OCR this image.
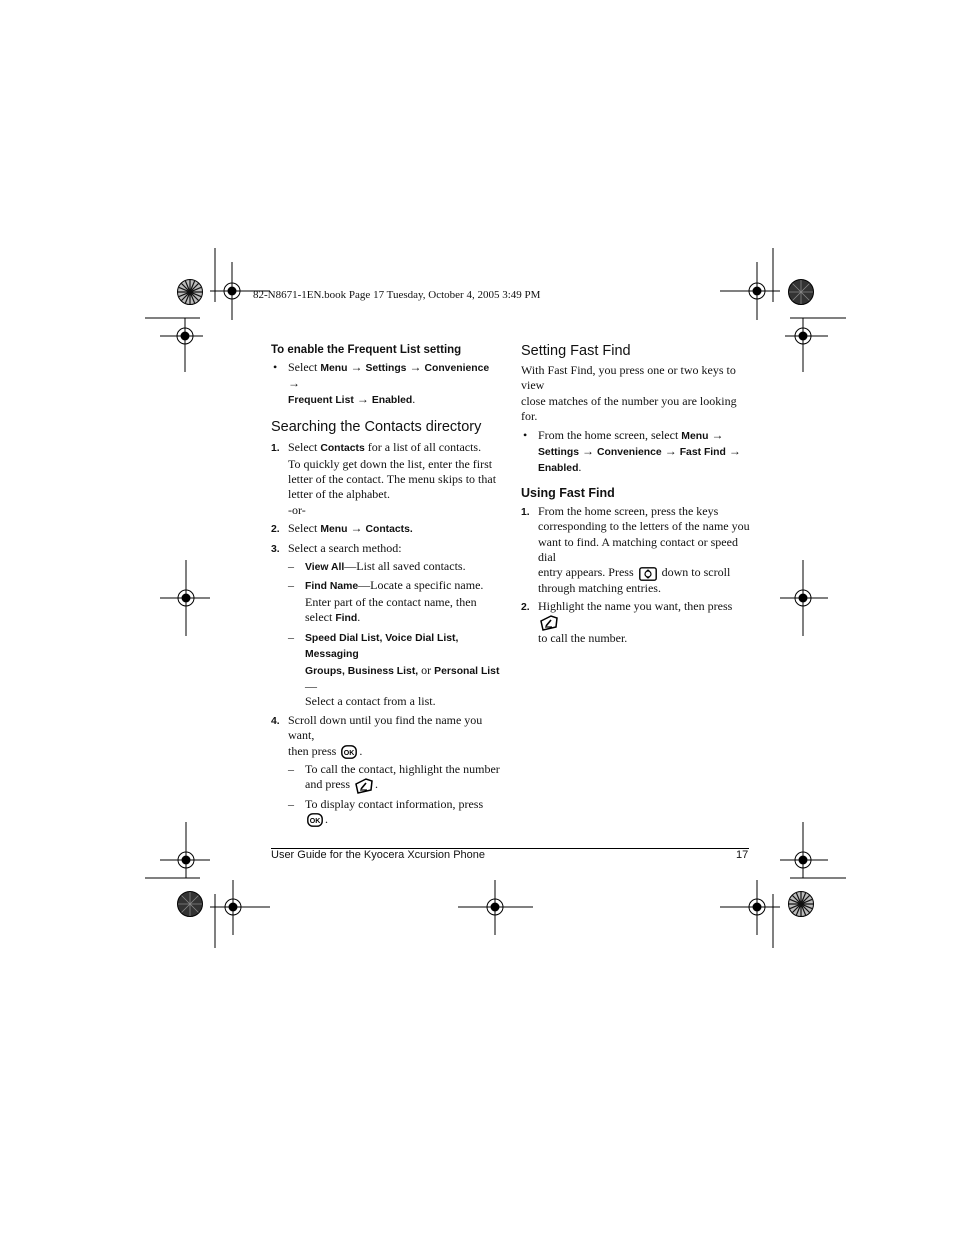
82-N8671-1EN.book Page 17 Tuesday, October 4, 2005 3:49 PM
To enable the Frequent List setting
• Select Menu → Settings → Convenience →
Frequent List → Enabled.
Searching the Contacts directory
1. Select Contacts for a list of all contacts.
To quickly get down the list, enter the first
letter of the contact. The menu skips to that
letter of the alphabet.
-or-
2. Select Menu → Contacts.
3. Select a search method:
– View All—List all saved contacts.
– Find Name—Locate a specific name.
Enter part of the contact name, then
select Find.
– Speed Dial List, Voice Dial List, Messaging
Groups, Business List, or Personal List—
Select a contact from a list.
4. Scroll down until you find the name you want,
then press OK .
– To call the contact, highlight the number
and press .
– To display contact information, press
OK .
Setting Fast Find
With Fast Find, you press one or two keys to view
close matches of the number you are looking for.
• From the home screen, select Menu →
Settings → Convenience → Fast Find →
Enabled.
Using Fast Find
1. From the home screen, press the keys
corresponding to the letters of the name you
want to find. A matching contact or speed dial
entry appears. Press down to scroll
through matching entries.
2. Highlight the name you want, then press
to call the number.
User Guide for the Kyocera Xcursion Phone	17
